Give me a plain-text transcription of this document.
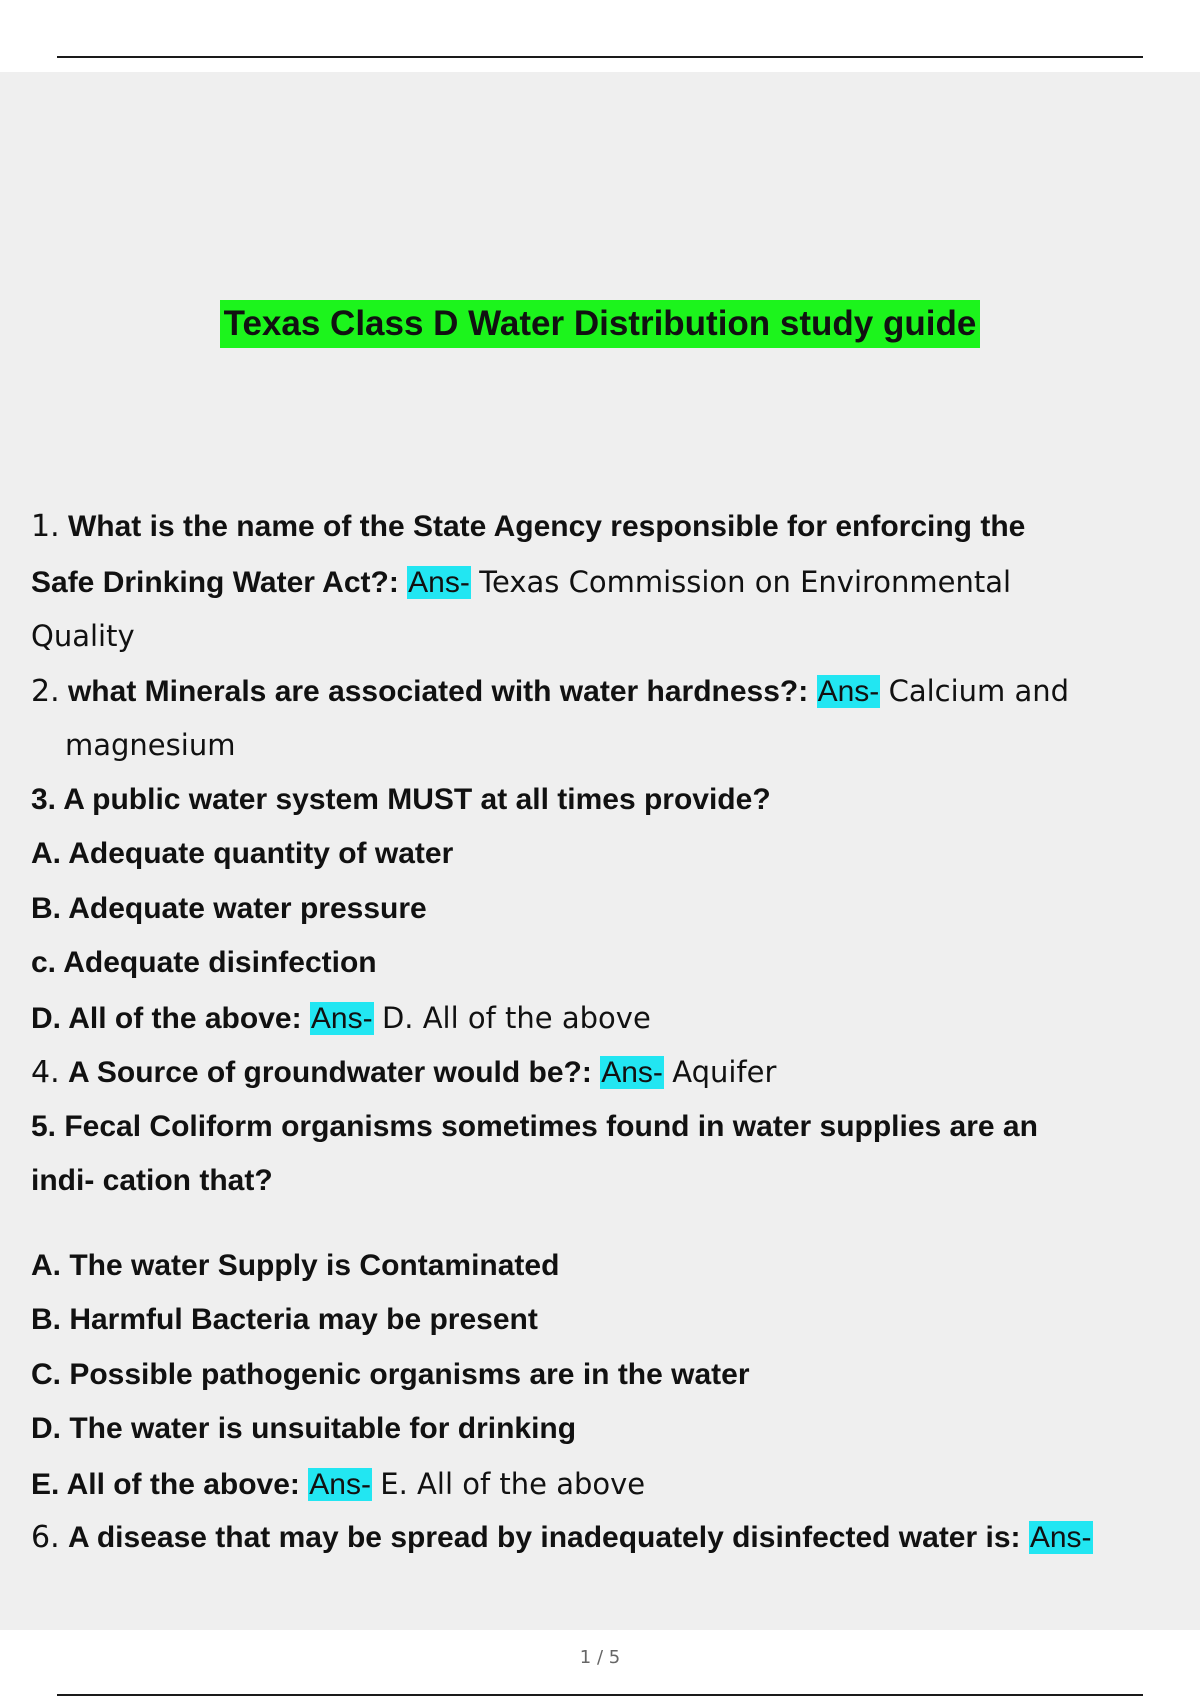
Texas Class D Water Distribution study guide
1. What is the name of the State Agency responsible for enforcing the
Safe Drinking Water Act?: Ans- Texas Commission on Environmental
Quality
2. what Minerals are associated with water hardness?: Ans- Calcium and
magnesium
3. A public water system MUST at all times provide?
A. Adequate quantity of water
B. Adequate water pressure
c. Adequate disinfection
D. All of the above: Ans- D. All of the above
4. A Source of groundwater would be?: Ans- Aquifer
5. Fecal Coliform organisms sometimes found in water supplies are an
indi- cation that?
A. The water Supply is Contaminated
B. Harmful Bacteria may be present
C. Possible pathogenic organisms are in the water
D. The water is unsuitable for drinking
E. All of the above: Ans- E. All of the above
6. A disease that may be spread by inadequately disinfected water is: Ans-
1 / 5
